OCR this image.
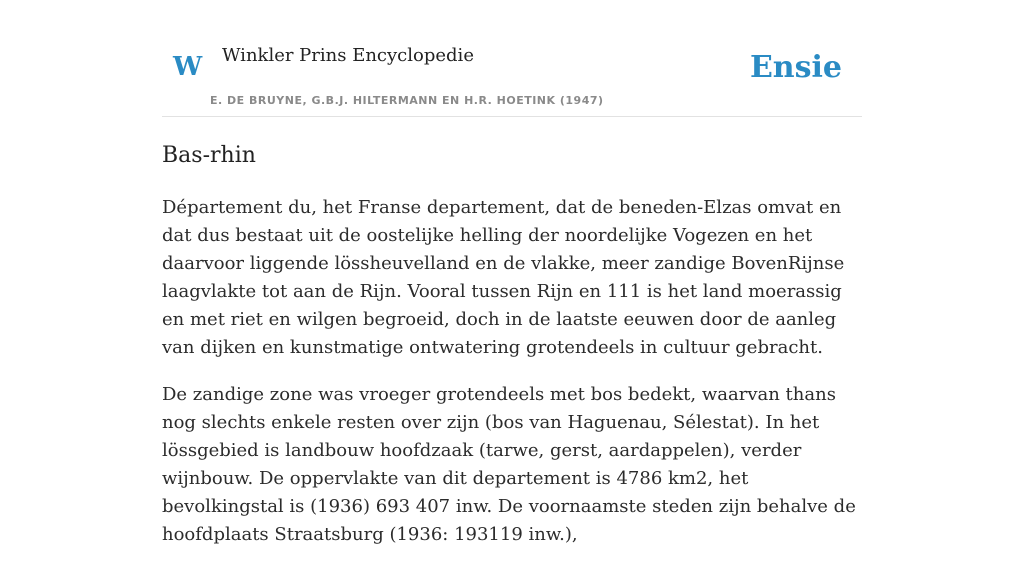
W Winkler Prins Encyclopedie	Ensie
E. DE BRUYNE, G.B.J. HILTERMANN EN H.R. HOETINK (1947)
Bas-rhin

Département du, het Franse departement, dat de beneden-Elzas omvat en dat dus bestaat uit de oostelijke helling der noordelijke Vogezen en het daarvoor liggende lössheuvelland en de vlakke, meer zandige BovenRijnse laagvlakte tot aan de Rijn. Vooral tussen Rijn en 111 is het land moerassig en met riet en wilgen begroeid, doch in de laatste eeuwen door de aanleg van dijken en kunstmatige ontwatering grotendeels in cultuur gebracht.

De zandige zone was vroeger grotendeels met bos bedekt, waarvan thans nog slechts enkele resten over zijn (bos van Haguenau, Sélestat). In het lössgebied is landbouw hoofdzaak (tarwe, gerst, aardappelen), verder wijnbouw. De oppervlakte van dit departement is 4786 km2, het bevolkingstal is (1936) 693 407 inw. De voornaamste steden zijn behalve de hoofdplaats Straatsburg (1936: 193119 inw.),
